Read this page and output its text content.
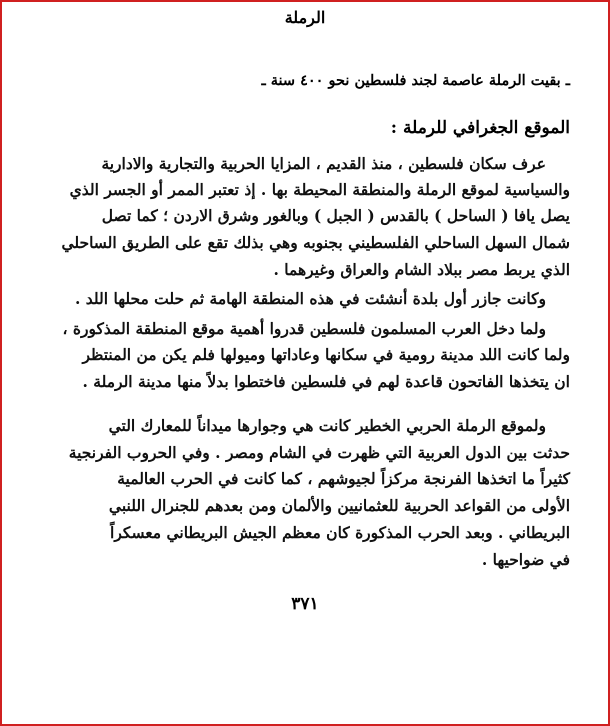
الرملة
ـ بقيت الرملة عاصمة لجند فلسطين نحو ٤٠٠ سنة ـ
الموقع الجغرافي للرملة :
عرف سكان فلسطين ، منذ القديم ، المزايا الحربية والتجارية والادارية
والسياسية لموقع الرملة والمنطقة المحيطة بها . إذ تعتبر الممر أو الجسر الذي
يصل يافا ( الساحل ) بالقدس ( الجبل ) وبالغور وشرق الاردن ؛ كما تصل
شمال السهل الساحلي الفلسطيني بجنوبه وهي بذلك تقع على الطريق الساحلي
الذي يربط مصر ببلاد الشام والعراق وغيرهما .
وكانت جازر أول بلدة أنشئت في هذه المنطقة الهامة ثم حلت محلها اللد .
ولما دخل العرب المسلمون فلسطين قدروا أهمية موقع المنطقة المذكورة ،
ولما كانت اللد مدينة رومية في سكانها وعاداتها وميولها فلم يكن من المنتظر
ان يتخذها الفاتحون قاعدة لهم في فلسطين فاختطوا بدلاً منها مدينة الرملة .
ولموقع الرملة الحربي الخطير كانت هي وجوارها ميداناً للمعارك التي
حدثت بين الدول العربية التي ظهرت في الشام ومصر . وفي الحروب الفرنجية
كثيراً ما اتخذها الفرنجة مركزاً لجيوشهم ، كما كانت في الحرب العالمية
الأولى من القواعد الحربية للعثمانيين والألمان ومن بعدهم للجنرال اللنبي
البريطاني . وبعد الحرب المذكورة كان معظم الجيش البريطاني معسكراً
في ضواحيها .
٣٧١
